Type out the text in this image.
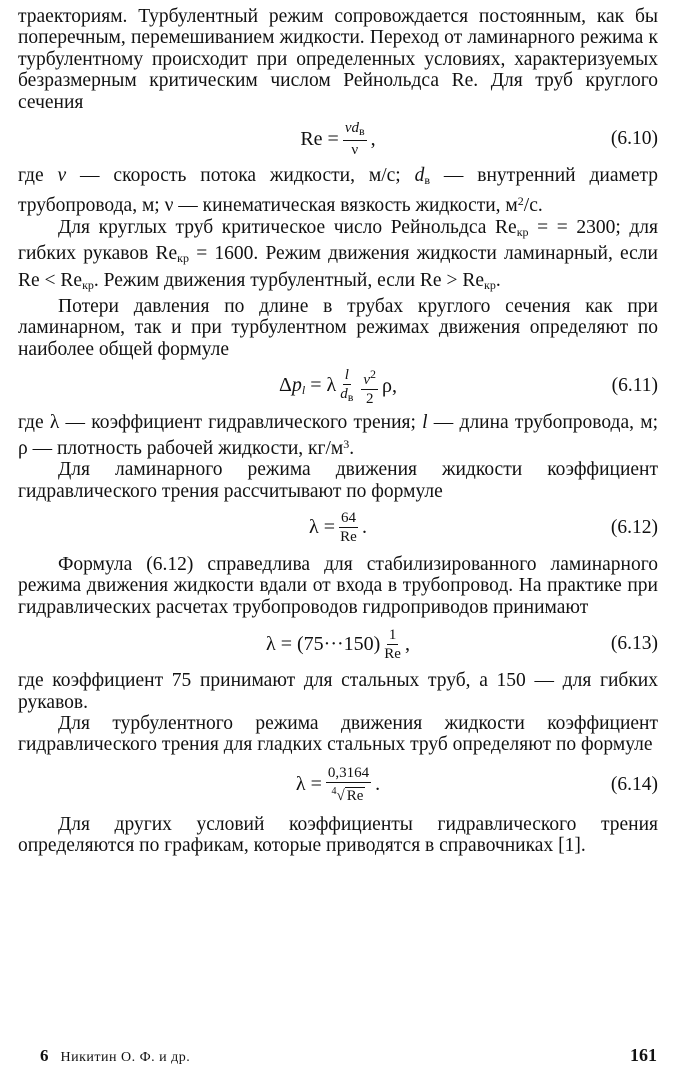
траекториям. Турбулентный режим сопровождается постоянным, как бы поперечным, перемешиванием жидкости. Переход от ламинарного режима к турбулентному происходит при определенных условиях, характеризуемых безразмерным критическим числом Рейнольдса Re. Для труб круглого сечения

$Re = \frac{vd_в}{\nu}$ ,	(6.10)

где v — скорость потока жидкости, м/с; $d_в$ — внутренний диаметр трубопровода, м; ν — кинематическая вязкость жидкости, $м^2/с$.

Для круглых труб критическое число Рейнольдса $Re_{кр}$ = = 2300; для гибких рукавов $Re_{кр} = 1600$. Режим движения жидкости ламинарный, если $Re < Re_{кр}$. Режим движения турбулентный, если $Re > Re_{кр}$.

Потери давления по длине в трубах круглого сечения как при ламинарном, так и при турбулентном режимах движения определяют по наиболее общей формуле

$\Delta p_l = \lambda \frac{l}{d_в} \frac{v^2}{2} \rho$,	(6.11)

где λ — коэффициент гидравлического трения; l — длина трубопровода, м; ρ — плотность рабочей жидкости, $кг/м^3$.

Для ламинарного режима движения жидкости коэффициент гидравлического трения рассчитывают по формуле

$\lambda = \frac{64}{Re}$ .	(6.12)

Формула (6.12) справедлива для стабилизированного ламинарного режима движения жидкости вдали от входа в трубопровод. На практике при гидравлических расчетах трубопроводов гидроприводов принимают

$\lambda = (75\cdot\cdot\cdot 150) \frac{1}{Re}$ ,	(6.13)

где коэффициент 75 принимают для стальных труб, а 150 — для гибких рукавов.

Для турбулентного режима движения жидкости коэффициент гидравлического трения для гладких стальных труб определяют по формуле

$\lambda = \frac{0,3164}{^4√ Re}$ .	(6.14)

Для других условий коэффициенты гидравлического трения определяются по графикам, которые приводятся в справочниках [1].

6 Никитин О. Ф. и др.	161
